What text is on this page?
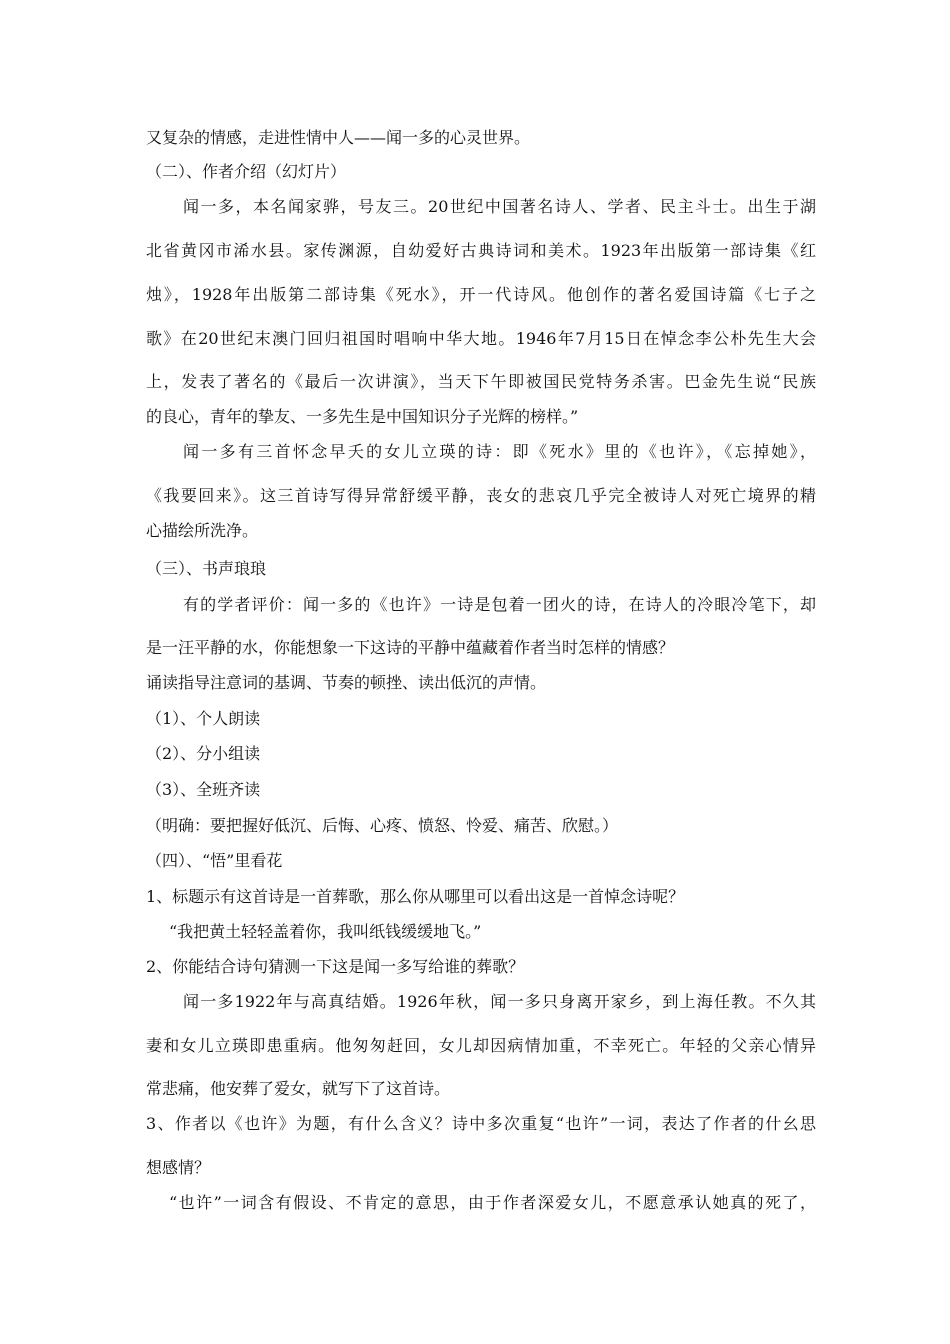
又复杂的情感，走进性情中人——闻一多的心灵世界。
（二）、作者介绍（幻灯片）
闻一多，本名闻家骅，号友三。20世纪中国著名诗人、学者、民主斗士。出生于湖
北省黄冈市浠水县。家传渊源，自幼爱好古典诗词和美术。1923年出版第一部诗集《红
烛》，1928年出版第二部诗集《死水》，开一代诗风。他创作的著名爱国诗篇《七子之
歌》在20世纪末澳门回归祖国时唱响中华大地。1946年7月15日在悼念李公朴先生大会
上，发表了著名的《最后一次讲演》，当天下午即被国民党特务杀害。巴金先生说“民族
的良心，青年的挚友、一多先生是中国知识分子光辉的榜样。”
闻一多有三首怀念早夭的女儿立瑛的诗：即《死水》里的《也许》，《忘掉她》，
《我要回来》。这三首诗写得异常舒缓平静，丧女的悲哀几乎完全被诗人对死亡境界的精
心描绘所洗净。
（三）、书声琅琅
有的学者评价：闻一多的《也许》一诗是包着一团火的诗，在诗人的冷眼冷笔下，却
是一汪平静的水，你能想象一下这诗的平静中蕴藏着作者当时怎样的情感？
诵读指导注意词的基调、节奏的顿挫、读出低沉的声情。
（1）、个人朗读
（2）、分小组读
（3）、全班齐读
（明确：要把握好低沉、后悔、心疼、愤怒、怜爱、痛苦、欣慰。）
（四）、“悟”里看花
1、标题示有这首诗是一首葬歌，那么你从哪里可以看出这是一首悼念诗呢？
“我把黄土轻轻盖着你，我叫纸钱缓缓地飞。”
2、你能结合诗句猜测一下这是闻一多写给谁的葬歌？
闻一多1922年与高真结婚。1926年秋，闻一多只身离开家乡，到上海任教。不久其
妻和女儿立瑛即患重病。他匆匆赶回，女儿却因病情加重，不幸死亡。年轻的父亲心情异
常悲痛，他安葬了爱女，就写下了这首诗。
3、作者以《也许》为题，有什么含义？诗中多次重复“也许”一词，表达了作者的什幺思
想感情？
“也许”一词含有假设、不肯定的意思，由于作者深爱女儿，不愿意承认她真的死了，
